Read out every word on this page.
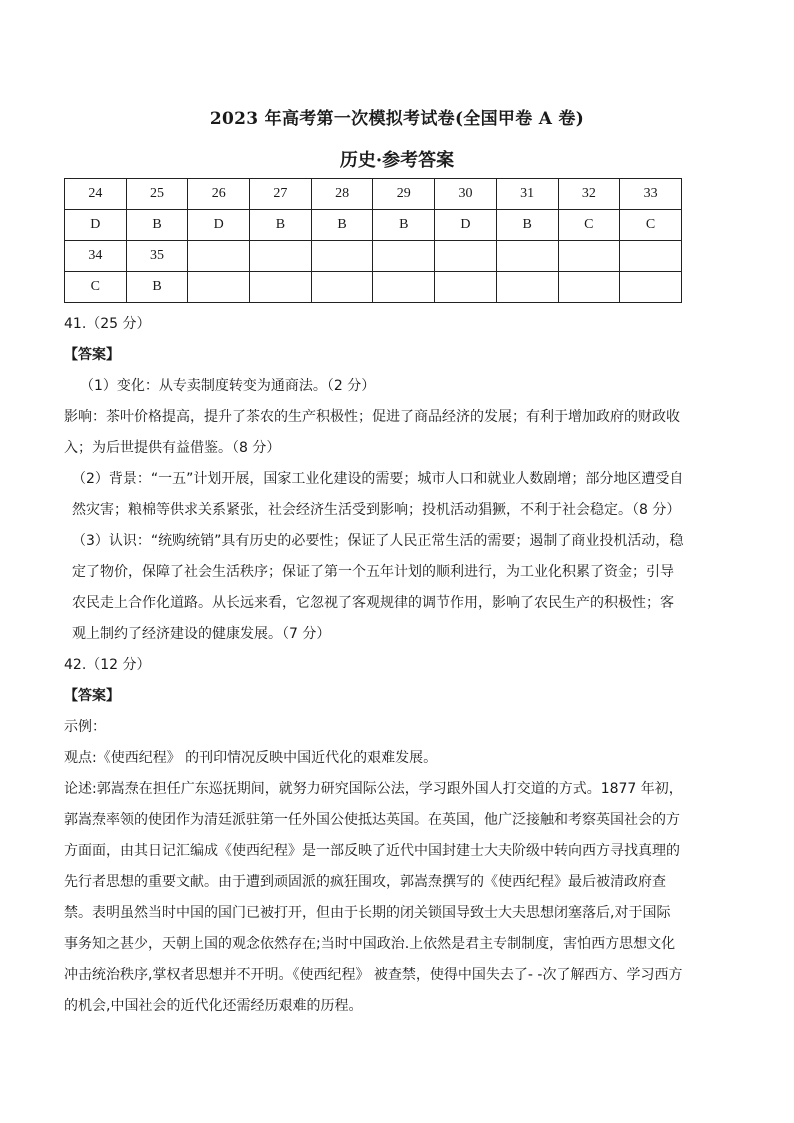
2023 年高考第一次模拟考试卷(全国甲卷 A 卷)
历史·参考答案
24	25	26	27	28	29	30	31	32	33
D	B	D	B	B	B	D	B	C	C
34	35								
C	B								

41.（25 分）

【答案】

（1）变化：从专卖制度转变为通商法。（2 分）

影响：茶叶价格提高，提升了茶农的生产积极性；促进了商品经济的发展；有利于增加政府的财政收入；为后世提供有益借鉴。（8 分）

（2）背景：“一五”计划开展，国家工业化建设的需要；城市人口和就业人数剧增；部分地区遭受自然灾害；粮棉等供求关系紧张，社会经济生活受到影响；投机活动猖獗，不利于社会稳定。（8 分）

（3）认识：“统购统销”具有历史的必要性；保证了人民正常生活的需要；遏制了商业投机活动，稳定了物价，保障了社会生活秩序；保证了第一个五年计划的顺利进行，为工业化积累了资金；引导农民走上合作化道路。从长远来看，它忽视了客观规律的调节作用，影响了农民生产的积极性；客观上制约了经济建设的健康发展。（7 分）

42.（12 分）

【答案】

示例：

观点:《使西纪程》 的刊印情况反映中国近代化的艰难发展。

论述:郭嵩焘在担任广东巡抚期间，就努力研究国际公法，学习跟外国人打交道的方式。1877 年初，郭嵩焘率领的使团作为清廷派驻第一任外国公使抵达英国。在英国，他广泛接触和考察英国社会的方方面面，由其日记汇编成《使西纪程》是一部反映了近代中国封建士大夫阶级中转向西方寻找真理的先行者思想的重要文献。由于遭到顽固派的疯狂围攻，郭嵩焘撰写的《使西纪程》最后被清政府查禁。表明虽然当时中国的国门已被打开，但由于长期的闭关锁国导致士大夫思想闭塞落后,对于国际事务知之甚少，天朝上国的观念依然存在;当时中国政治.上依然是君主专制制度，害怕西方思想文化冲击统治秩序,掌权者思想并不开明。《使西纪程》 被查禁，使得中国失去了- -次了解西方、学习西方的机会,中国社会的近代化还需经历艰难的历程。
